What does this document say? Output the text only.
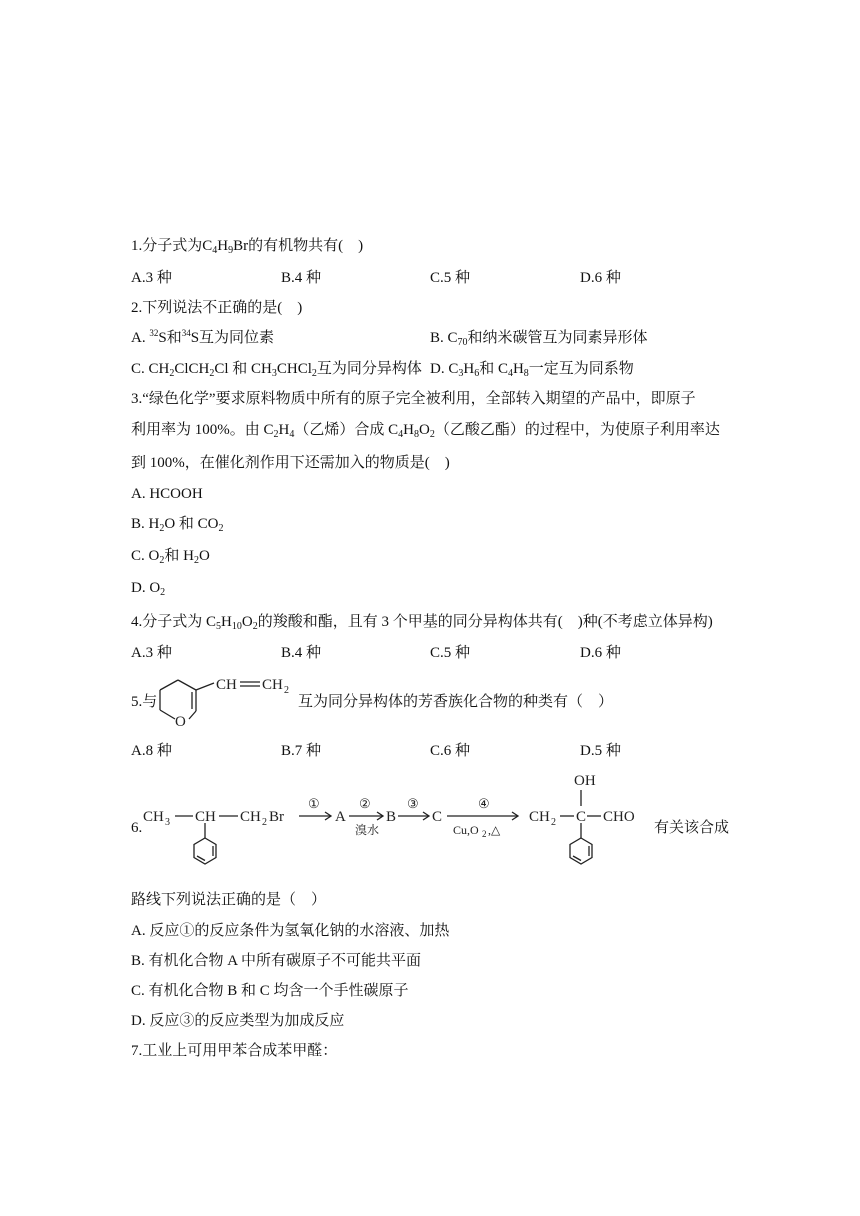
1.分子式为$C_4H_9Br$的有机物共有(　)
A.3 种	B.4 种	C.5 种	D.6 种
2.下列说法不正确的是(　)
A. $^{32}$S和$^{34}$S互为同位素	B. $C_{70}$和纳米碳管互为同素异形体
C. $CH_2ClCH_2Cl$ 和 $CH_3CHCl_2$互为同分异构体 D. $C_3H_6$和 $C_4H_8$一定互为同系物
3.“绿色化学”要求原料物质中所有的原子完全被利用，全部转入期望的产品中，即原子
利用率为 100%。由 $C_2H_4$（乙烯）合成 $C_4H_8O_2$（乙酸乙酯）的过程中，为使原子利用率达
到 100%，在催化剂作用下还需加入的物质是(　)
A. HCOOH
B. $H_2O$ 和 $CO_2$
C. $O_2$和 $H_2O$
D. $O_2$
4.分子式为 $C_5H_{10}O_2$的羧酸和酯，且有 3 个甲基的同分异构体共有(　)种(不考虑立体异构)
A.3 种	B.4 种	C.5 种	D.6 种
5.与
CH CH 2
O
互为同分异构体的芳香族化合物的种类有（　）
A.8 种	B.7 种	C.6 种	D.5 种
6.
CH 3 CH CH 2 Br
①
A
②
溴水
B
③
C
④
Cu,O 2 ,△
CH 2 C
OH
CHO
有关该合成
路线下列说法正确的是（　）
A. 反应①的反应条件为氢氧化钠的水溶液、加热
B. 有机化合物 A 中所有碳原子不可能共平面
C. 有机化合物 B 和 C 均含一个手性碳原子
D. 反应③的反应类型为加成反应
7.工业上可用甲苯合成苯甲醛：
